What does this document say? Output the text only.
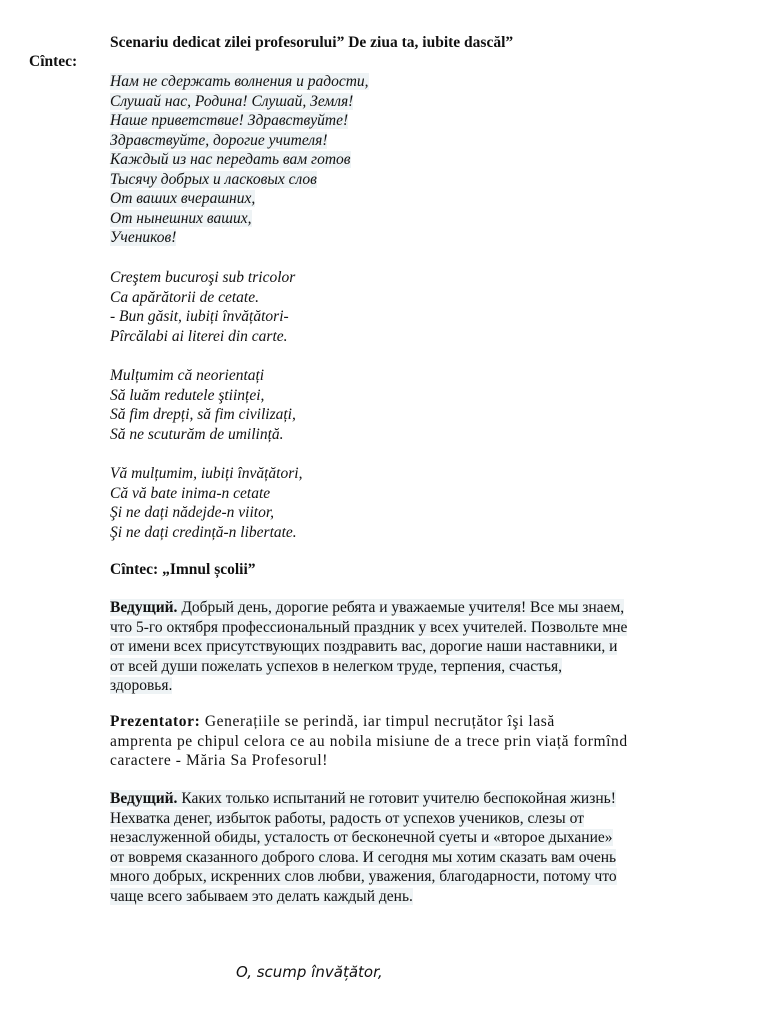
Scenariu dedicat zilei profesorului” De ziua ta, iubite dascăl”
Cîntec:
Нам не сдержать волнения и радости,
Слушай нас, Родина! Слушай, Земля!
Наше приветствие! Здравствуйте!
Здравствуйте, дорогие учителя!
Каждый из нас передать вам готов
Тысячу добрых и ласковых слов
От ваших вчерашних,
От нынешних ваших,
Учеников!
Creştem bucuroşi sub tricolor
Ca apărătorii de cetate.
- Bun găsit, iubiți învățători-
Pîrcălabi ai literei din carte.
Mulțumim că neorientați
Să luăm redutele ştiinței,
Să fim drepți, să fim civilizați,
Să ne scuturăm de umilință.
Vă mulțumim, iubiți învățători,
Că vă bate inima-n cetate
Şi ne dați nădejde-n viitor,
Şi ne dați credință-n libertate.
Cîntec: „Imnul școlii”
Ведущий. Добрый день, дорогие ребята и уважаемые учителя! Все мы знаем,
что 5-го октября профессиональный праздник у всех учителей. Позвольте мне
от имени всех присутствующих поздравить вас, дорогие наши наставники, и
от всей души пожелать успехов в нелегком труде, терпения, счастья,
здоровья.
Prezentator: Generațiile se perindă, iar timpul necruțător îşi lasă
amprenta pe chipul celora ce au nobila misiune de a trece prin viață formînd
caractere - Măria Sa Profesorul!
Ведущий. Каких только испытаний не готовит учителю беспокойная жизнь!
Нехватка денег, избыток работы, радость от успехов учеников, слезы от
незаслуженной обиды, усталость от бесконечной суеты и «второе дыхание»
от вовремя сказанного доброго слова. И сегодня мы хотим сказать вам очень
много добрых, искренних слов любви, уважения, благодарности, потому что
чаще всего забываем это делать каждый день.
O, scump învățător,
